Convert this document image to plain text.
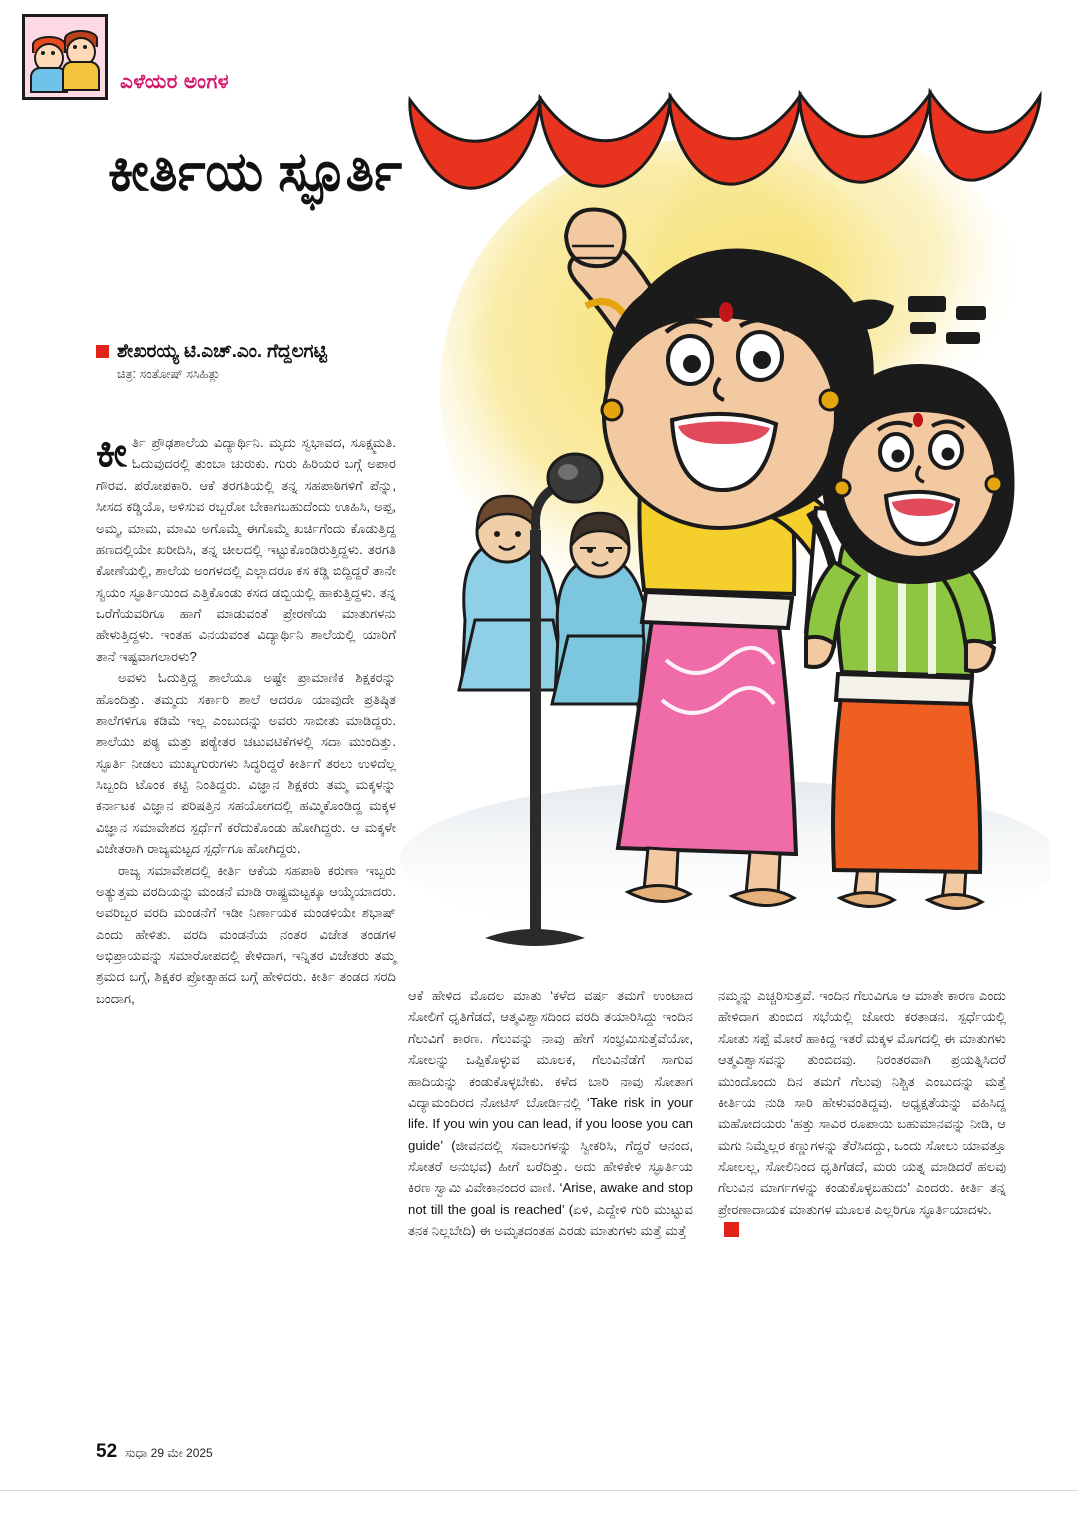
ಎಳೆಯರ ಅಂಗಳ
ಕೀರ್ತಿಯ ಸ್ಫೂರ್ತಿ
ಶೇಖರಯ್ಯ ಟಿ.ಎಚ್.ಎಂ. ಗೆದ್ದಲಗಟ್ಟಿ
ಚಿತ್ರ: ಸಂತೋಷ್ ಸಸಿಹಿತ್ಲು
ಕೀ ರ್ತಿ ಪ್ರೌಢಶಾಲೆಯ ವಿದ್ಯಾರ್ಥಿನಿ. ಮೃದು ಸ್ವಭಾವದ, ಸೂಕ್ಷ್ಮಮತಿ. ಓದುವುದರಲ್ಲಿ ತುಂಬಾ ಚುರುಕು. ಗುರು ಹಿರಿಯರ ಬಗ್ಗೆ ಅಪಾರ ಗೌರವ. ಪರೋಪಕಾರಿ. ಆಕೆ ತರಗತಿಯಲ್ಲಿ ತನ್ನ ಸಹಪಾಠಿಗಳಿಗೆ ಪೆನ್ನು, ಸೀಸದ ಕಡ್ಡಿಯೊ, ಅಳಿಸುವ ರಬ್ಬರೋ ಬೇಕಾಗಬಹುದೆಂದು ಊಹಿಸಿ, ಅಪ್ಪ, ಅಮ್ಮ, ಮಾಮ, ಮಾಮಿ ಅಗೊಮ್ಮೆ ಈಗೊಮ್ಮೆ ಖರ್ಚಿಗೆಂದು ಕೊಡುತ್ತಿದ್ದ ಹಣದಲ್ಲಿಯೇ ಖರೀದಿಸಿ, ತನ್ನ ಚೀಲದಲ್ಲಿ ಇಟ್ಟುಕೊಂಡಿರುತ್ತಿದ್ದಳು. ತರಗತಿ ಕೋಣೆಯಲ್ಲಿ, ಶಾಲೆಯ ಅಂಗಳದಲ್ಲಿ ಎಲ್ಲಾದರೂ ಕಸ ಕಡ್ಡಿ ಬಿದ್ದಿದ್ದರೆ ತಾನೇ ಸ್ವಯಂ ಸ್ಫೂರ್ತಿಯಿಂದ ಎತ್ತಿಕೊಂಡು ಕಸದ ಡಬ್ಬಿಯಲ್ಲಿ ಹಾಕುತ್ತಿದ್ದಳು. ತನ್ನ ಒರೆಗೆಯವರಿಗೂ ಹಾಗೆ ಮಾಡುವಂತೆ ಪ್ರೇರಣೆಯ ಮಾತುಗಳನು ಹೇಳುತ್ತಿದ್ದಳು. ಇಂತಹ ವಿನಯವಂತ ವಿದ್ಯಾರ್ಥಿನಿ ಶಾಲೆಯಲ್ಲಿ ಯಾರಿಗೆ ತಾನೆ ಇಷ್ಟವಾಗಲಾರಳು?

ಅವಳು ಓದುತ್ತಿದ್ದ ಶಾಲೆಯೂ ಅಷ್ಟೇ ಪ್ರಾಮಾಣಿಕ ಶಿಕ್ಷಕರನ್ನು ಹೊಂದಿತ್ತು. ತಮ್ಮದು ಸರ್ಕಾರಿ ಶಾಲೆ ಆದರೂ ಯಾವುದೇ ಪ್ರತಿಷ್ಠಿತ ಶಾಲೆಗಳಿಗೂ ಕಡಿಮೆ ಇಲ್ಲ ಎಂಬುದನ್ನು ಅವರು ಸಾಬೀತು ಮಾಡಿದ್ದರು. ಶಾಲೆಯು ಪಠ್ಯ ಮತ್ತು ಪಠ್ಯೇತರ ಚಟುವಟಿಕೆಗಳಲ್ಲಿ ಸದಾ ಮುಂದಿತ್ತು. ಸ್ಫೂರ್ತಿ ನೀಡಲು ಮುಖ್ಯಗುರುಗಳು ಸಿದ್ಧರಿದ್ದರೆ ಕೀರ್ತಿಗೆ ತರಲು ಉಳಿದೆಲ್ಲ ಸಿಬ್ಬಂದಿ ಟೊಂಕ ಕಟ್ಟಿ ನಿಂತಿದ್ದರು. ವಿಜ್ಞಾನ ಶಿಕ್ಷಕರು ತಮ್ಮ ಮಕ್ಕಳನ್ನು ಕರ್ನಾಟಕ ವಿಜ್ಞಾನ ಪರಿಷತ್ತಿನ ಸಹಯೋಗದಲ್ಲಿ ಹಮ್ಮಿಕೊಂಡಿದ್ದ ಮಕ್ಕಳ ವಿಜ್ಞಾನ ಸಮಾವೇಶದ ಸ್ಪರ್ಧೆಗೆ ಕರೆದುಕೊಂಡು ಹೋಗಿದ್ದರು. ಆ ಮಕ್ಕಳೇ ವಿಜೇತರಾಗಿ ರಾಜ್ಯಮಟ್ಟದ ಸ್ಪರ್ಧೆಗೂ ಹೋಗಿದ್ದರು.

ರಾಜ್ಯ ಸಮಾವೇಶದಲ್ಲಿ ಕೀರ್ತಿ ಆಕೆಯ ಸಹಪಾಠಿ ಕರುಣಾ ಇಬ್ಬರು ಅತ್ಯುತ್ತಮ ವರದಿಯನ್ನು ಮಂಡನೆ ಮಾಡಿ ರಾಷ್ಟ್ರಮಟ್ಟಕ್ಕೂ ಆಯ್ಕೆಯಾದರು. ಅವರಿಬ್ಬರ ವರದಿ ಮಂಡನೆಗೆ ಇಡೀ ನಿರ್ಣಾಯಕ ಮಂಡಳಿಯೇ ಶಭಾಷ್ ಎಂದು ಹೇಳಿತು. ವರದಿ ಮಂಡನೆಯ ನಂತರ ವಿಜೇತ ತಂಡಗಳ ಅಭಿಪ್ರಾಯವನ್ನು ಸಮಾರೋಪದಲ್ಲಿ ಕೇಳಿದಾಗ, ಇನ್ನಿತರ ವಿಜೇತರು ತಮ್ಮ ಶ್ರಮದ ಬಗ್ಗೆ, ಶಿಕ್ಷಕರ ಪ್ರೋತ್ಸಾಹದ ಬಗ್ಗೆ ಹೇಳಿದರು. ಕೀರ್ತಿ ತಂಡದ ಸರದಿ ಬಂದಾಗ,	ಆಕೆ ಹೇಳಿದ ಮೊದಲ ಮಾತು ‘ಕಳೆದ ವರ್ಷ ತಮಗೆ ಉಂಟಾದ ಸೋಲಿಗೆ ಧೃತಿಗೆಡದೆ, ಆತ್ಮವಿಶ್ವಾಸದಿಂದ ವರದಿ ತಯಾರಿಸಿದ್ದು ಇಂದಿನ ಗೆಲುವಿಗೆ ಕಾರಣ. ಗೆಲುವನ್ನು ನಾವು ಹೇಗೆ ಸಂಭ್ರಮಿಸುತ್ತೆವೆಯೋ, ಸೋಲನ್ನು ಒಪ್ಪಿಕೊಳ್ಳುವ ಮೂಲಕ, ಗೆಲುವಿನೆಡೆಗೆ ಸಾಗುವ ಹಾದಿಯನ್ನು ಕಂಡುಕೊಳ್ಳಬೇಕು. ಕಳೆದ ಬಾರಿ ನಾವು ಸೋತಾಗ ವಿದ್ಯಾಮಂದಿರದ ನೋಟಿಸ್ ಬೋರ್ಡಿನಲ್ಲಿ ‘Take risk in your life. If you win you can lead, if you loose you can guide’ (ಜೀವನದಲ್ಲಿ ಸವಾಲುಗಳನ್ನು ಸ್ವೀಕರಿಸಿ, ಗೆದ್ದರೆ ಆನಂದ, ಸೋತರೆ ಅನುಭವ) ಹೀಗೆ ಬರೆದಿತ್ತು. ಅದು ಹೇಳಿಕೇಳಿ ಸ್ಫೂರ್ತಿಯ ಕಿರಣ ಸ್ವಾಮಿ ವಿವೇಕಾನಂದರ ವಾಣಿ. ‘Arise, awake and stop not till the goal is reached’ (ಏಳಿ, ಎದ್ದೇಳಿ ಗುರಿ ಮುಟ್ಟುವ ತನಕ ನಿಲ್ಲಬೇದಿ) ಈ ಅಮೃತದಂತಹ ಎರಡು ಮಾತುಗಳು ಮತ್ತೆ ಮತ್ತೆ

ನಮ್ಮನ್ನು ಎಚ್ಚರಿಸುತ್ತವೆ. ಇಂದಿನ ಗೆಲುವಿಗೂ ಆ ಮಾತೇ ಕಾರಣ ಎಂದು ಹೇಳಿದಾಗ ತುಂಬಿದ ಸಭೆಯಲ್ಲಿ ಜೋರು ಕರತಾಡನ. ಸ್ಪರ್ಧೆಯಲ್ಲಿ ಸೋತು ಸಪ್ಪೆ ಮೋರೆ ಹಾಕಿದ್ದ ಇತರೆ ಮಕ್ಕಳ ಮೊಗದಲ್ಲಿ ಈ ಮಾತುಗಳು ಆತ್ಮವಿಶ್ವಾಸವನ್ನು ತುಂಬಿದವು. ನಿರಂತರವಾಗಿ ಪ್ರಯತ್ನಿಸಿದರೆ ಮುಂದೊಂದು ದಿನ ತಮಗೆ ಗೆಲುವು ನಿಶ್ಚಿತ ಎಂಬುದನ್ನು ಮತ್ತೆ ಕೀರ್ತಿಯ ನುಡಿ ಸಾರಿ ಹೇಳುವಂತಿದ್ದವು. ಅಧ್ಯಕ್ಷತೆಯನ್ನು ವಹಿಸಿದ್ದ ಮಹೋದಯರು ‘ಹತ್ತು ಸಾವಿರ ರೂಪಾಯಿ ಬಹುಮಾನವನ್ನು ನೀಡಿ, ಆ ಮಗು ನಿಮ್ಮೆಲ್ಲರ ಕಣ್ಣುಗಳನ್ನು ತೆರೆಸಿದದ್ದು, ಒಂದು ಸೋಲು ಯಾವತ್ತೂ ಸೋಲಲ್ಲ, ಸೋಲಿನಿಂದ ಧೃತಿಗೆಡದೆ, ಮರು ಯತ್ನ ಮಾಡಿದರೆ ಹಲವು ಗೆಲುವಿನ ಮಾರ್ಗಗಳನ್ನು ಕಂಡುಕೊಳ್ಳಬಹುದು’ ಎಂದರು. ಕೀರ್ತಿ ತನ್ನ ಪ್ರೇರಣಾದಾಯಕ ಮಾತುಗಳ ಮೂಲಕ ಎಲ್ಲರಿಗೂ ಸ್ಫೂರ್ತಿಯಾದಳು.

52 ಸುಧಾ 29 ಮೇ 2025
